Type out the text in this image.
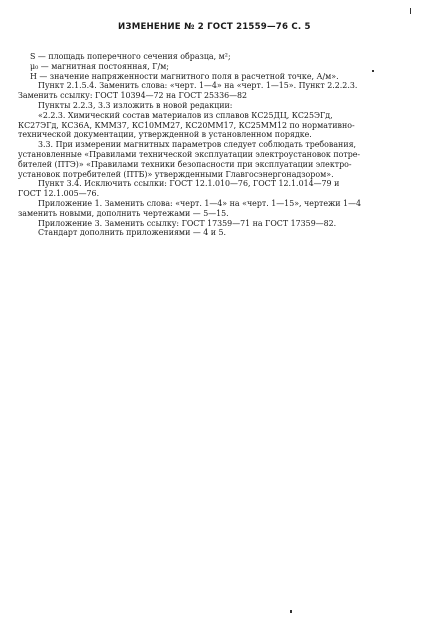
ИЗМЕНЕНИЕ № 2 ГОСТ 21559—76 С. 5
S — площадь поперечного сечения образца, м²;
μ₀ — магнитная постоянная, Г/м;
H — значение напряженности магнитного поля в расчетной точке, А/м».
Пункт 2.1.5.4. Заменить слова: «черт. 1—4» на «черт. 1—15». Пункт 2.2.2.3.
Заменить ссылку: ГОСТ 10394—72 на ГОСТ 25336—82
Пункты 2.2.3, 3.3 изложить в новой редакции:
«2.2.3. Химический состав материалов из сплавов КС25ДЦ, КС25ЭГд,
КС27ЭГд, КС36А, КММ37, КС10ММ27, КС20ММ17, КС25ММ12 по нормативно-
технической документации, утвержденной в установленном порядке.
3.3. При измерении магнитных параметров следует соблюдать требования,
установленные «Правилами технической эксплуатации электроустановок потре-
бителей (ПТЭ)» «Правилами техники безопасности при эксплуатации электро-
установок потребителей (ПТБ)» утвержденными Главгосэнергонадзором».
Пункт 3.4. Исключить ссылки: ГОСТ 12.1.010—76, ГОСТ 12.1.014—79 и
ГОСТ 12.1.005—76.
Приложение 1. Заменить слова: «черт. 1—4» на «черт. 1—15», чертежи 1—4
заменить новыми, дополнить чертежами — 5—15.
Приложение 3. Заменить ссылку: ГОСТ 17359—71 на ГОСТ 17359—82.
Стандарт дополнить приложениями — 4 и 5.
